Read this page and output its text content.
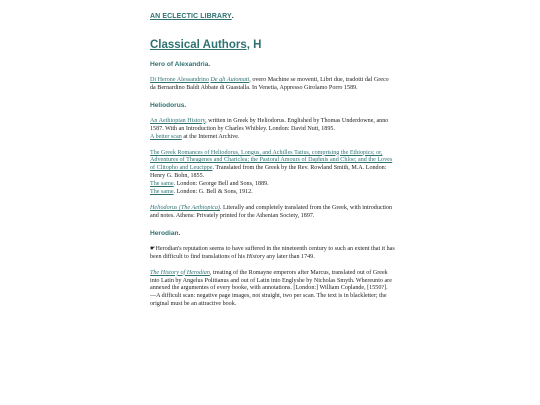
AN ECLECTIC LIBRARY.
Classical Authors, H
Hero of Alexandria.
Di Herone Alessandrino De gli Automati, overo Machine se moventi, Libri due, tradotti dal Greco da Bernardino Baldi Abbate di Guastalla. In Venetia, Appresso Girolamo Porro 1589.
Heliodorus.
An Aethiopian History, written in Greek by Heliodorus. Englished by Thomas Underdowne, anno 1587. With an Introduction by Charles Whibley. London: David Nutt, 1895.
A better scan at the Internet Archive.
The Greek Romances of Heliodorus, Longus, and Achilles Tatius, comprising the Ethiopics; or, Adventures of Theagenes and Chariclea; the Pastoral Amours of Daphnis and Chloe; and the Loves of Clitopho and Leucippe. Translated from the Greek by the Rev. Rowland Smith, M.A. London: Henry G. Bohn, 1855.
The same. London: George Bell and Sons, 1889.
The same. London: G. Bell & Sons, 1912.
Heliodorus (The Aethiopica). Literally and completely translated from the Greek, with introduction and notes. Athens: Privately printed for the Athenian Society, 1897.
Herodian.
☛Herodian's reputation seems to have suffered in the nineteenth century to such an extent that it has been difficult to find translations of his History any later than 1749.
The History of Herodian, treating of the Romayne emperors after Marcus, translated out of Greek into Latin by Angelus Politianus and out of Latin into Englyshe by Nicholas Smyth. Whereunto are annexed the argumentes of every booke, with annotations. [London:] William Coplande, [1550?]. —A difficult scan: negative page images, not straight, two per scan. The text is in blackletter; the original must be an attractive book.
